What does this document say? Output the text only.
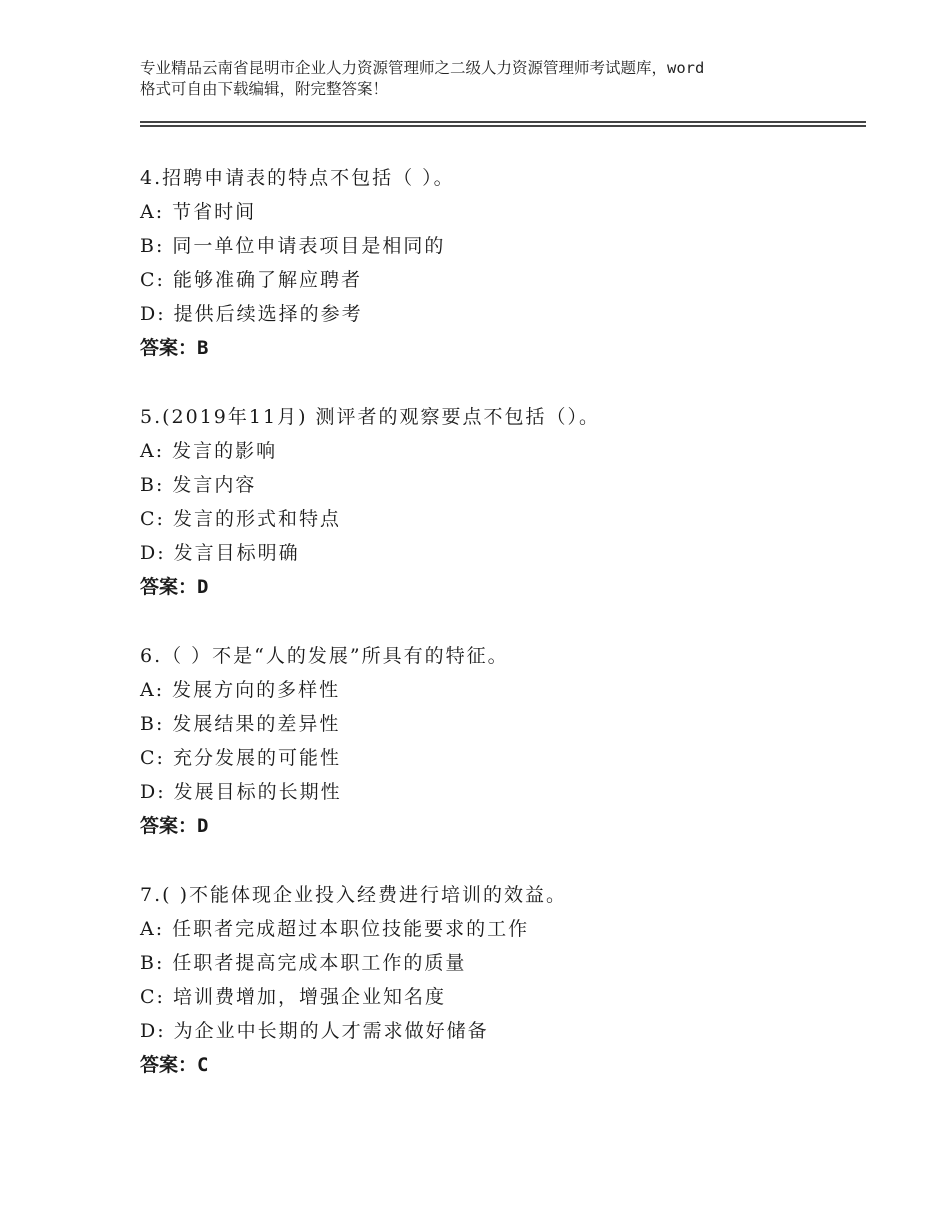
专业精品云南省昆明市企业人力资源管理师之二级人力资源管理师考试题库，word
格式可自由下载编辑，附完整答案！
4.招聘申请表的特点不包括（ ）。
A: 节省时间
B: 同一单位申请表项目是相同的
C: 能够准确了解应聘者
D: 提供后续选择的参考
答案：B
5.(2019年11月) 测评者的观察要点不包括（）。
A: 发言的影响
B: 发言内容
C: 发言的形式和特点
D: 发言目标明确
答案：D
6.（ ）不是“人的发展”所具有的特征。
A: 发展方向的多样性
B: 发展结果的差异性
C: 充分发展的可能性
D: 发展目标的长期性
答案：D
7.( )不能体现企业投入经费进行培训的效益。
A: 任职者完成超过本职位技能要求的工作
B: 任职者提高完成本职工作的质量
C: 培训费增加，增强企业知名度
D: 为企业中长期的人才需求做好储备
答案：C
